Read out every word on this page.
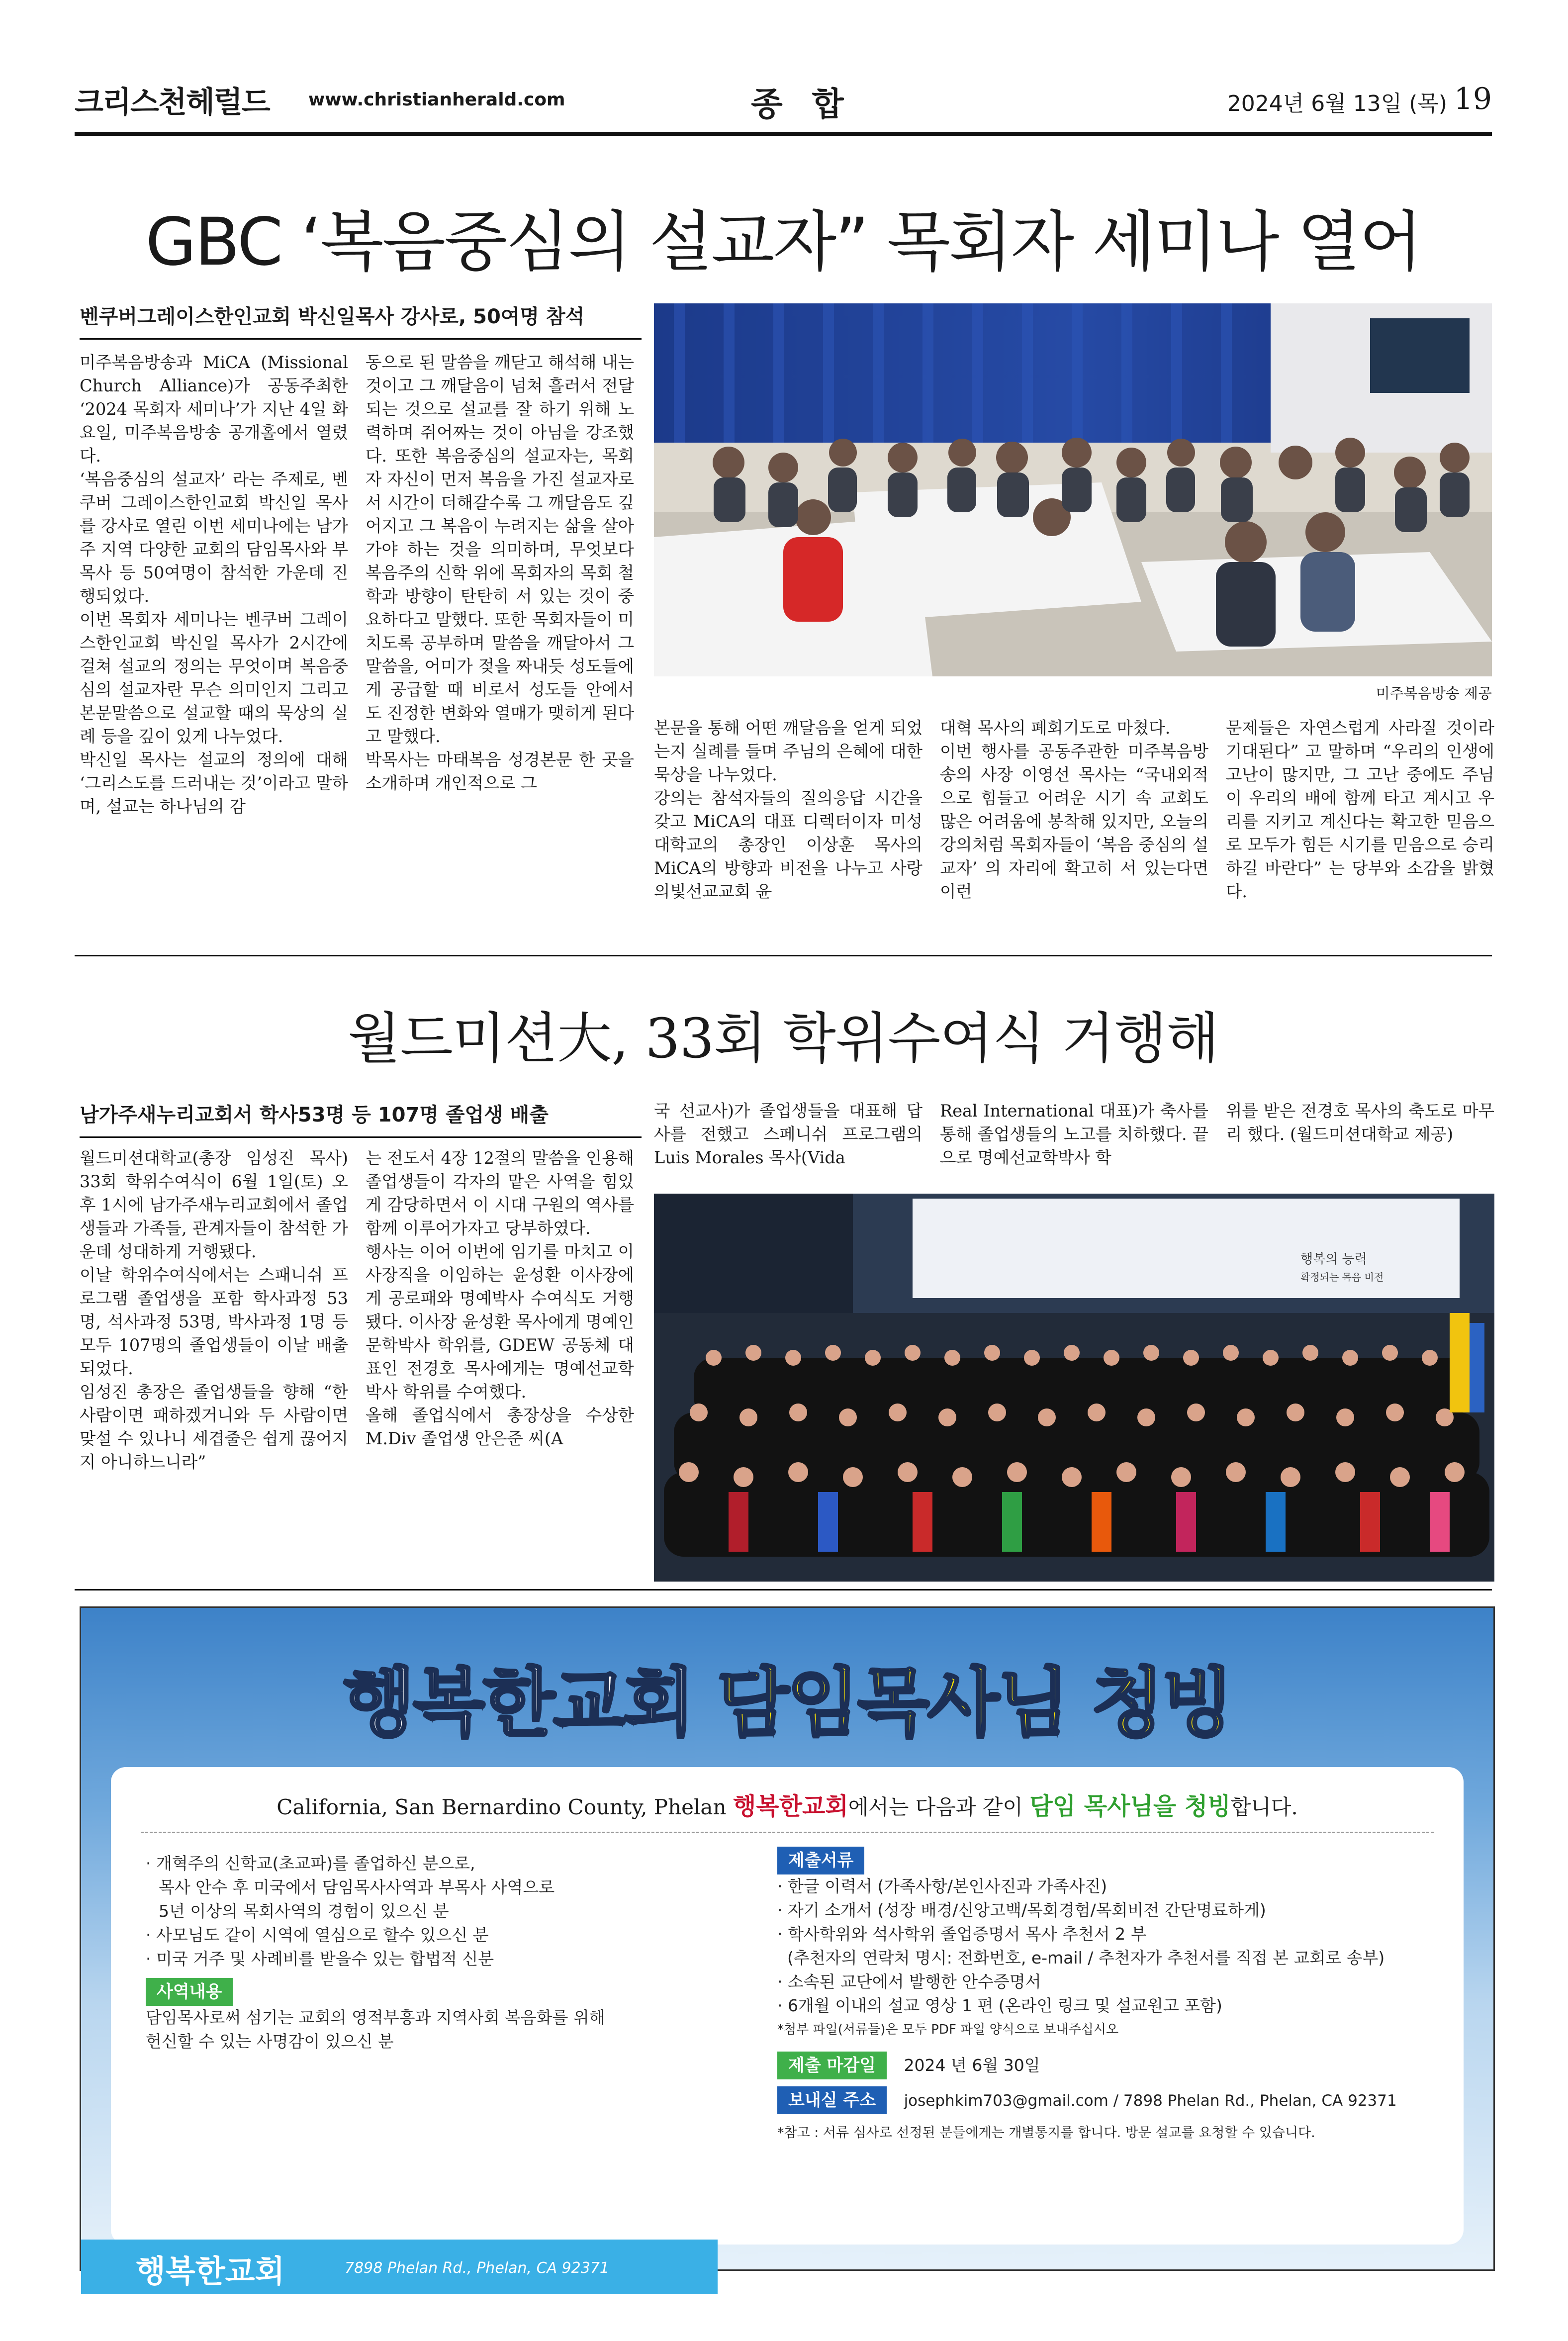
크리스천헤럴드 www.christianherald.com	종 합	2024년 6월 13일 (목) 19
GBC ‘복음중심의 설교자” 목회자 세미나 열어
벤쿠버그레이스한인교회 박신일목사 강사로, 50여명 참석
미주복음방송과 MiCA (Missional Church Alliance)가 공동주최한 ‘2024 목회자 세미나’가 지난 4일 화요일, 미주복음방송 공개홀에서 열렸다.
‘복음중심의 설교자’ 라는 주제로, 벤쿠버 그레이스한인교회 박신일 목사를 강사로 열린 이번 세미나에는 남가주 지역 다양한 교회의 담임목사와 부목사 등 50여명이 참석한 가운데 진행되었다.
이번 목회자 세미나는 벤쿠버 그레이스한인교회 박신일 목사가 2시간에 걸쳐 설교의 정의는 무엇이며 복음중심의 설교자란 무슨 의미인지 그리고 본문말씀으로 설교할 때의 묵상의 실례 등을 깊이 있게 나누었다.
박신일 목사는 설교의 정의에 대해 ‘그리스도를 드러내는 것’이라고 말하며, 설교는 하나님의 감
동으로 된 말씀을 깨닫고 해석해 내는 것이고 그 깨달음이 넘쳐 흘러서 전달되는 것으로 설교를 잘 하기 위해 노력하며 쥐어짜는 것이 아님을 강조했다. 또한 복음중심의 설교자는, 목회자 자신이 먼저 복음을 가진 설교자로서 시간이 더해갈수록 그 깨달음도 깊어지고 그 복음이 누려지는 삶을 살아가야 하는 것을 의미하며, 무엇보다 복음주의 신학 위에 목회자의 목회 철학과 방향이 탄탄히 서 있는 것이 중요하다고 말했다. 또한 목회자들이 미치도록 공부하며 말씀을 깨달아서 그 말씀을, 어미가 젖을 짜내듯 성도들에게 공급할 때 비로서 성도들 안에서 도 진정한 변화와 열매가 맺히게 된다고 말했다.
박목사는 마태복음 성경본문 한 곳을 소개하며 개인적으로 그
미주복음방송 제공
본문을 통해 어떤 깨달음을 얻게 되었는지 실례를 들며 주님의 은혜에 대한 묵상을 나누었다.
강의는 참석자들의 질의응답 시간을 갖고 MiCA의 대표 디렉터이자 미성대학교의 총장인 이상훈 목사의 MiCA의 방향과 비전을 나누고 사랑의빛선교교회 윤
대혁 목사의 폐회기도로 마쳤다.
이번 행사를 공동주관한 미주복음방송의 사장 이영선 목사는 “국내외적으로 힘들고 어려운 시기 속 교회도 많은 어려움에 봉착해 있지만, 오늘의 강의처럼 목회자들이 ‘복음 중심의 설교자’ 의 자리에 확고히 서 있는다면 이런
문제들은 자연스럽게 사라질 것이라 기대된다” 고 말하며 “우리의 인생에 고난이 많지만, 그 고난 중에도 주님이 우리의 배에 함께 타고 계시고 우리를 지키고 계신다는 확고한 믿음으로 모두가 힘든 시기를 믿음으로 승리하길 바란다” 는 당부와 소감을 밝혔다.
월드미션大, 33회 학위수여식 거행해
남가주새누리교회서 학사53명 등 107명 졸업생 배출
월드미션대학교(총장 임성진 목사) 33회 학위수여식이 6월 1일(토) 오후 1시에 남가주새누리교회에서 졸업생들과 가족들, 관계자들이 참석한 가운데 성대하게 거행됐다.
이날 학위수여식에서는 스패니쉬 프로그램 졸업생을 포함 학사과정 53명, 석사과정 53명, 박사과정 1명 등 모두 107명의 졸업생들이 이날 배출되었다.
임성진 총장은 졸업생들을 향해 “한 사람이면 패하겠거니와 두 사람이면 맞설 수 있나니 세겹줄은 쉽게 끊어지지 아니하느니라”
는 전도서 4장 12절의 말씀을 인용해 졸업생들이 각자의 맡은 사역을 힘있게 감당하면서 이 시대 구원의 역사를 함께 이루어가자고 당부하였다.
행사는 이어 이번에 임기를 마치고 이사장직을 이임하는 윤성환 이사장에게 공로패와 명예박사 수여식도 거행됐다. 이사장 윤성환 목사에게 명예인문학박사 학위를, GDEW 공동체 대표인 전경호 목사에게는 명예선교학박사 학위를 수여했다.
올해 졸업식에서 총장상을 수상한 M.Div 졸업생 안은준 씨(A
국 선교사)가 졸업생들을 대표해 답사를 전했고 스페니쉬 프로그램의 Luis Morales 목사(Vida
Real International 대표)가 축사를 통해 졸업생들의 노고를 치하했다. 끝으로 명예선교학박사 학
위를 받은 전경호 목사의 축도로 마무리 했다. (월드미션대학교 제공)
행복의 능력
확정되는 목음 비전
행복한교회 담임목사님 청빙
California, San Bernardino County, Phelan 행복한교회에서는 다음과 같이 담임 목사님을 청빙합니다.
· 개혁주의 신학교(초교파)를 졸업하신 분으로,
목사 안수 후 미국에서 담임목사사역과 부목사 사역으로
5년 이상의 목회사역의 경험이 있으신 분
· 사모님도 같이 시역에 열심으로 할수 있으신 분
· 미국 거주 및 사례비를 받을수 있는 합법적 신분
사역내용
담임목사로써 섬기는 교회의 영적부흥과 지역사회 복음화를 위해
헌신할 수 있는 사명감이 있으신 분
제출서류
· 한글 이력서 (가족사항/본인사진과 가족사진)
· 자기 소개서 (성장 배경/신앙고백/목회경험/목회비전 간단명료하게)
· 학사학위와 석사학위 졸업증명서 목사 추천서 2 부
(추천자의 연락처 명시: 전화번호, e-mail / 추천자가 추천서를 직접 본 교회로 송부)
· 소속된 교단에서 발행한 안수증명서
· 6개월 이내의 설교 영상 1 편 (온라인 링크 및 설교원고 포함)
*첨부 파일(서류들)은 모두 PDF 파일 양식으로 보내주십시오
제출 마감일 2024 년 6월 30일
보내실 주소 josephkim703@gmail.com / 7898 Phelan Rd., Phelan, CA 92371
*참고 : 서류 심사로 선정된 분들에게는 개별통지를 합니다. 방문 설교를 요청할 수 있습니다.
행복한교회	7898 Phelan Rd., Phelan, CA 92371
